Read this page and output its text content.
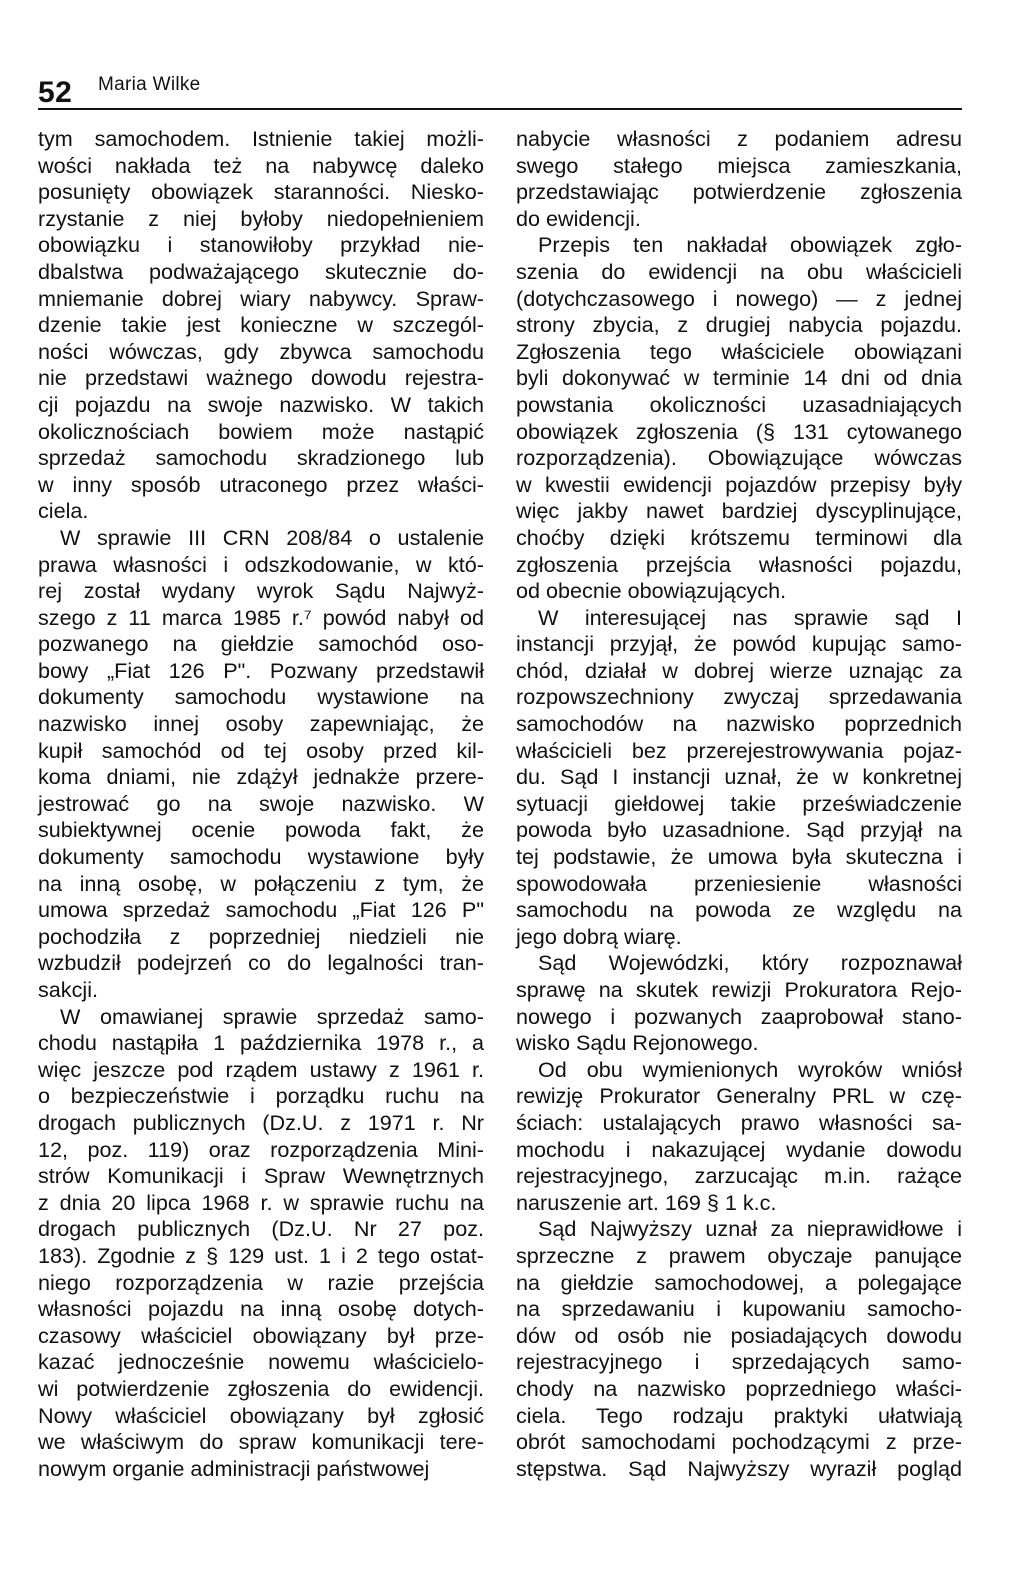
52 Maria Wilke

tym samochodem. Istnienie takiej możli-
wości nakłada też na nabywcę daleko
posunięty obowiązek staranności. Niesko-
rzystanie z niej byłoby niedopełnieniem
obowiązku i stanowiłoby przykład nie-
dbalstwa podważającego skutecznie do-
mniemanie dobrej wiary nabywcy. Spraw-
dzenie takie jest konieczne w szczegól-
ności wówczas, gdy zbywca samochodu
nie przedstawi ważnego dowodu rejestra-
cji pojazdu na swoje nazwisko. W takich
okolicznościach bowiem może nastąpić
sprzedaż samochodu skradzionego lub
w inny sposób utraconego przez właści-
ciela.

W sprawie III CRN 208/84 o ustalenie
prawa własności i odszkodowanie, w któ-
rej został wydany wyrok Sądu Najwyż-
szego z 11 marca 1985 r.⁷ powód nabył od
pozwanego na giełdzie samochód oso-
bowy „Fiat 126 P". Pozwany przedstawił
dokumenty samochodu wystawione na
nazwisko innej osoby zapewniając, że
kupił samochód od tej osoby przed kil-
koma dniami, nie zdążył jednakże przere-
jestrować go na swoje nazwisko. W
subiektywnej ocenie powoda fakt, że
dokumenty samochodu wystawione były
na inną osobę, w połączeniu z tym, że
umowa sprzedaż samochodu „Fiat 126 P"
pochodziła z poprzedniej niedzieli nie
wzbudził podejrzeń co do legalności tran-
sakcji.

W omawianej sprawie sprzedaż samo-
chodu nastąpiła 1 października 1978 r., a
więc jeszcze pod rządem ustawy z 1961 r.
o bezpieczeństwie i porządku ruchu na
drogach publicznych (Dz.U. z 1971 r. Nr
12, poz. 119) oraz rozporządzenia Mini-
strów Komunikacji i Spraw Wewnętrznych
z dnia 20 lipca 1968 r. w sprawie ruchu na
drogach publicznych (Dz.U. Nr 27 poz.
183). Zgodnie z § 129 ust. 1 i 2 tego ostat-
niego rozporządzenia w razie przejścia
własności pojazdu na inną osobę dotych-
czasowy właściciel obowiązany był prze-
kazać jednocześnie nowemu właścicielo-
wi potwierdzenie zgłoszenia do ewidencji.
Nowy właściciel obowiązany był zgłosić
we właściwym do spraw komunikacji tere-
nowym organie administracji państwowej

nabycie własności z podaniem adresu
swego stałego miejsca zamieszkania,
przedstawiając potwierdzenie zgłoszenia
do ewidencji.

Przepis ten nakładał obowiązek zgło-
szenia do ewidencji na obu właścicieli
(dotychczasowego i nowego) — z jednej
strony zbycia, z drugiej nabycia pojazdu.
Zgłoszenia tego właściciele obowiązani
byli dokonywać w terminie 14 dni od dnia
powstania okoliczności uzasadniających
obowiązek zgłoszenia (§ 131 cytowanego
rozporządzenia). Obowiązujące wówczas
w kwestii ewidencji pojazdów przepisy były
więc jakby nawet bardziej dyscyplinujące,
choćby dzięki krótszemu terminowi dla
zgłoszenia przejścia własności pojazdu,
od obecnie obowiązujących.

W interesującej nas sprawie sąd I
instancji przyjął, że powód kupując samo-
chód, działał w dobrej wierze uznając za
rozpowszechniony zwyczaj sprzedawania
samochodów na nazwisko poprzednich
właścicieli bez przerejestrowywania pojaz-
du. Sąd I instancji uznał, że w konkretnej
sytuacji giełdowej takie przeświadczenie
powoda było uzasadnione. Sąd przyjął na
tej podstawie, że umowa była skuteczna i
spowodowała przeniesienie własności
samochodu na powoda ze względu na
jego dobrą wiarę.

Sąd Wojewódzki, który rozpoznawał
sprawę na skutek rewizji Prokuratora Rejo-
nowego i pozwanych zaaprobował stano-
wisko Sądu Rejonowego.

Od obu wymienionych wyroków wniósł
rewizję Prokurator Generalny PRL w czę-
ściach: ustalających prawo własności sa-
mochodu i nakazującej wydanie dowodu
rejestracyjnego, zarzucając m.in. rażące
naruszenie art. 169 § 1 k.c.

Sąd Najwyższy uznał za nieprawidłowe i
sprzeczne z prawem obyczaje panujące
na giełdzie samochodowej, a polegające
na sprzedawaniu i kupowaniu samocho-
dów od osób nie posiadających dowodu
rejestracyjnego i sprzedających samo-
chody na nazwisko poprzedniego właści-
ciela. Tego rodzaju praktyki ułatwiają
obrót samochodami pochodzącymi z prze-
stępstwa. Sąd Najwyższy wyraził pogląd
